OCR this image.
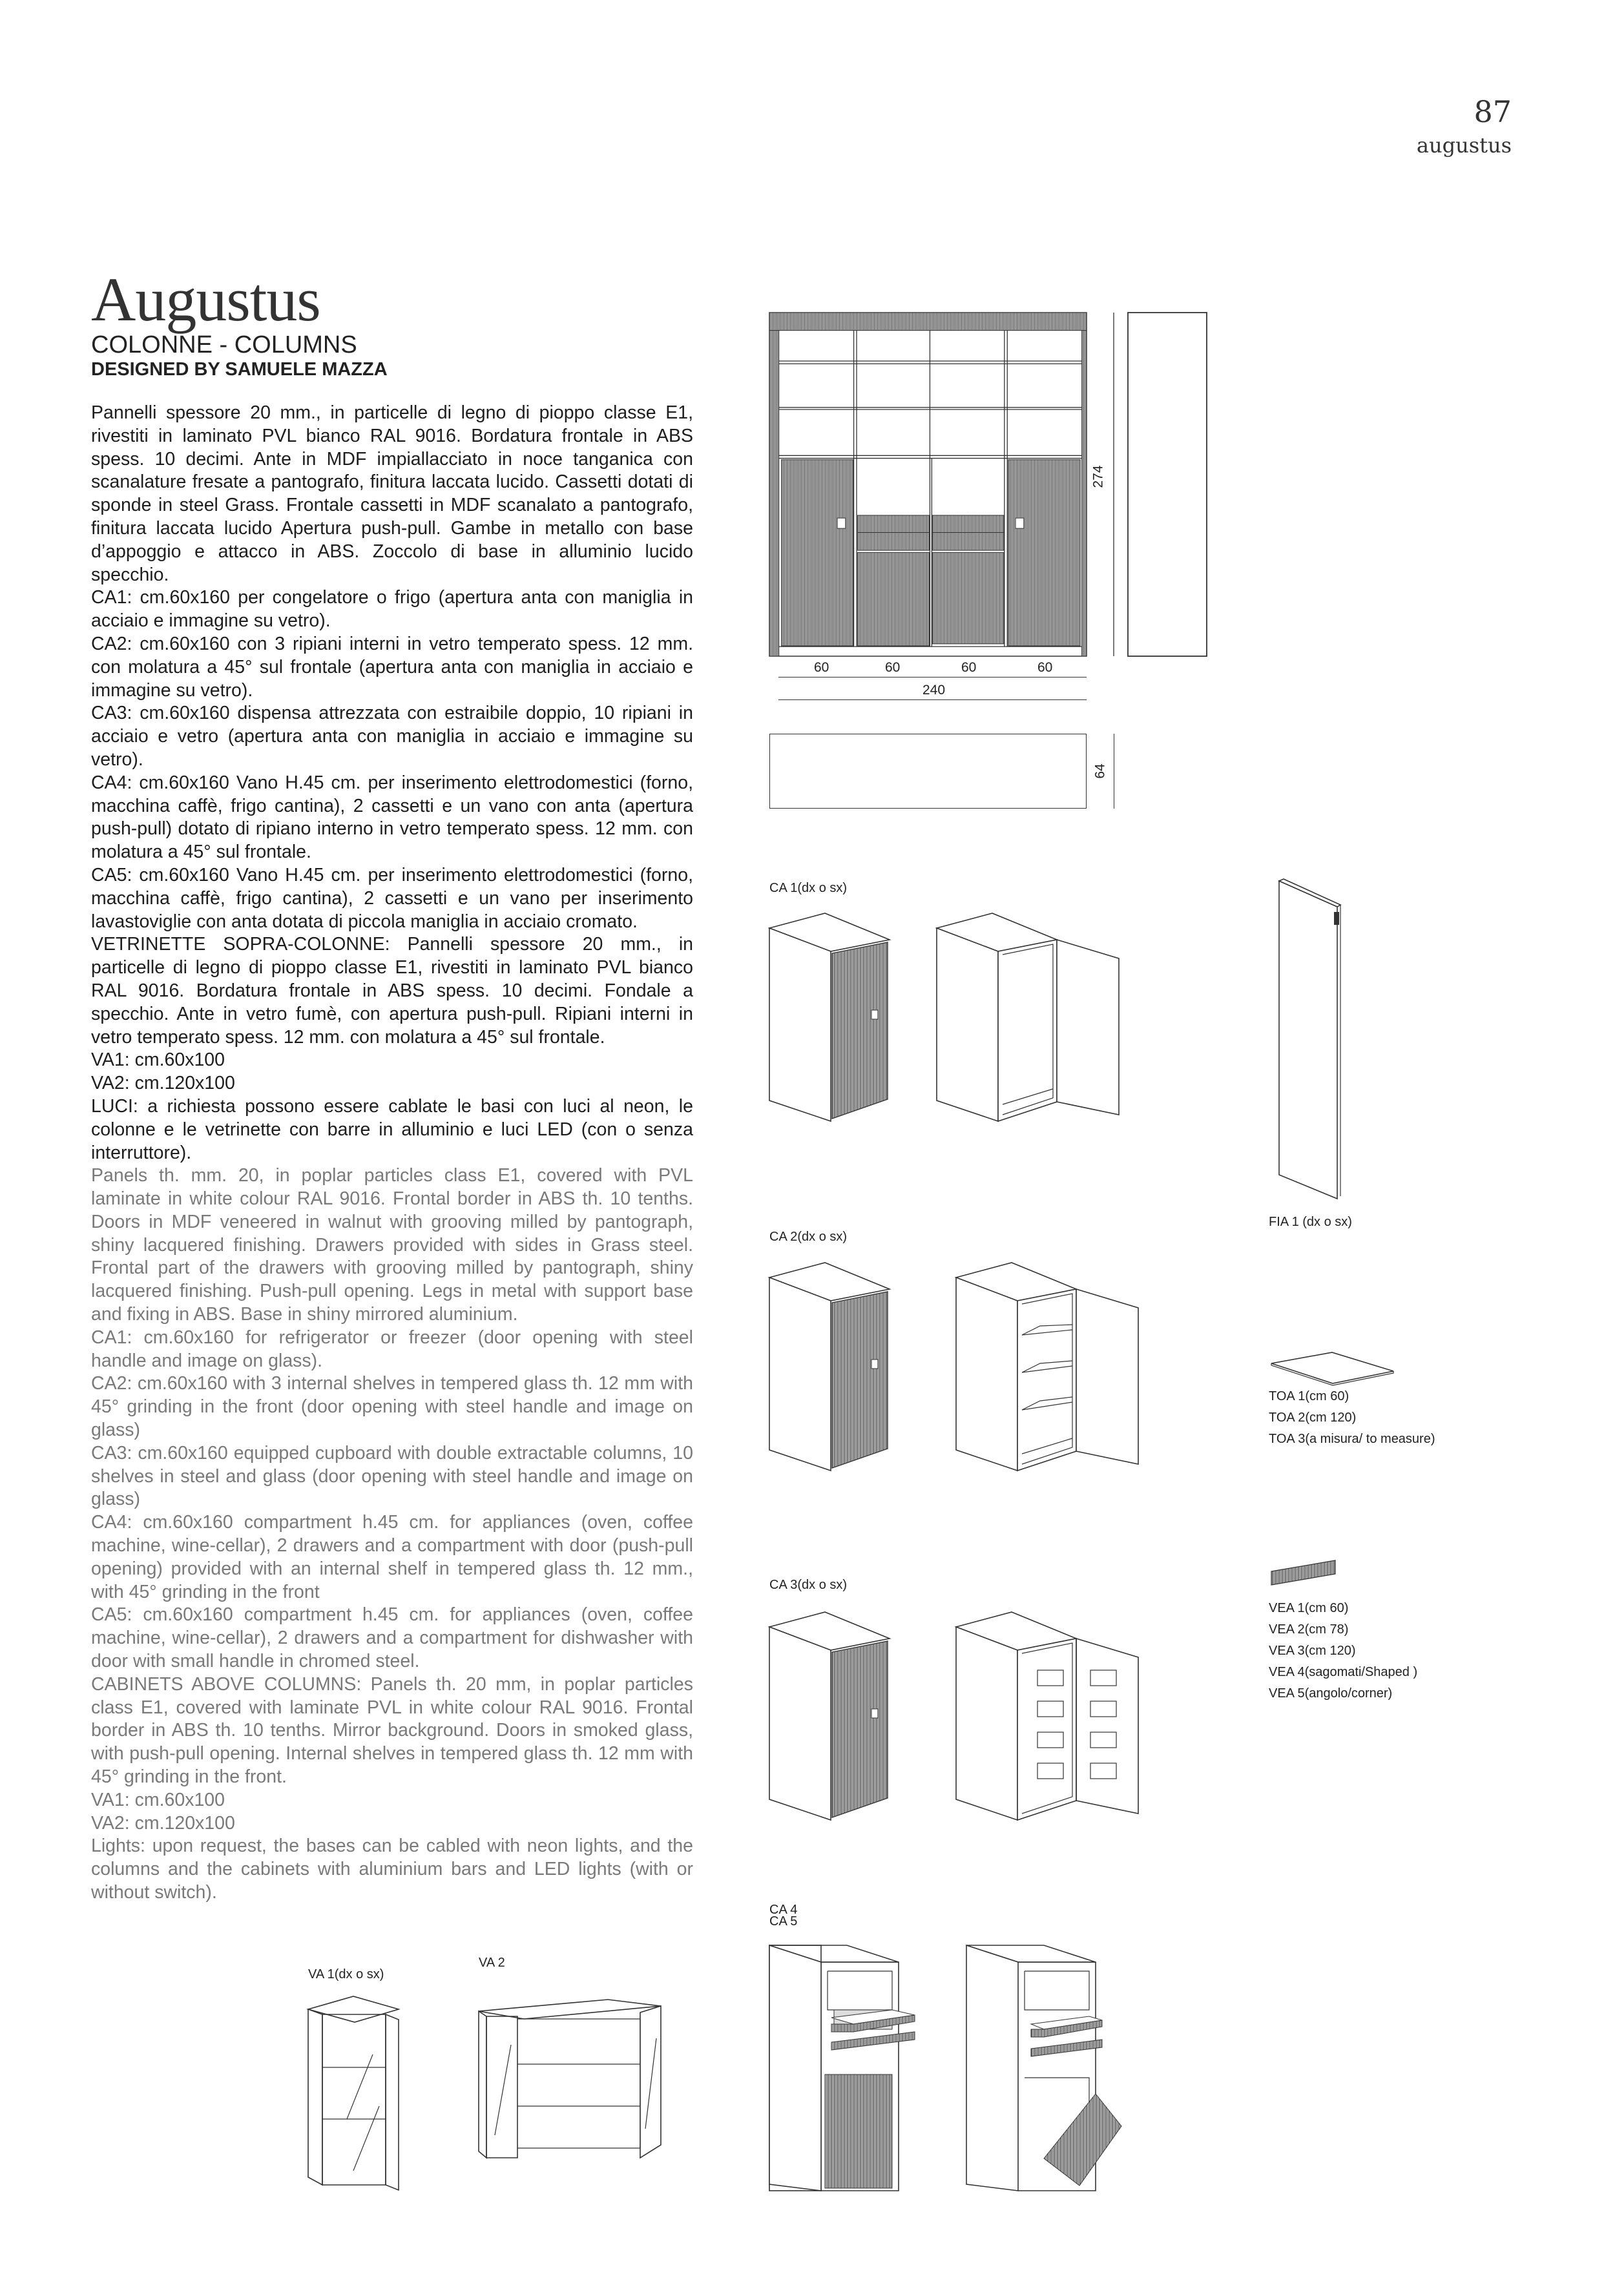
87
augustus
Augustus
COLONNE - COLUMNS
DESIGNED BY SAMUELE MAZZA

Pannelli spessore 20 mm., in particelle di legno di pioppo classe E1, rivestiti in laminato PVL bianco RAL 9016. Bordatura frontale in ABS spess. 10 decimi. Ante in MDF impiallacciato in noce tanganica con scanalature fresate a pantografo, finitura laccata lucido. Cassetti dotati di sponde in steel Grass. Frontale cassetti in MDF scanalato a pantografo, finitura laccata lucido Apertura push-pull. Gambe in metallo con base d’appoggio e attacco in ABS. Zoccolo di base in alluminio lucido specchio.

CA1: cm.60x160 per congelatore o frigo (apertura anta con maniglia in acciaio e immagine su vetro).

CA2: cm.60x160 con 3 ripiani interni in vetro temperato spess. 12 mm. con molatura a 45° sul frontale (apertura anta con maniglia in acciaio e immagine su vetro).

CA3: cm.60x160 dispensa attrezzata con estraibile doppio, 10 ripiani in acciaio e vetro (apertura anta con maniglia in acciaio e immagine su vetro).

CA4: cm.60x160 Vano H.45 cm. per inserimento elettrodomestici (forno, macchina caffè, frigo cantina), 2 cassetti e un vano con anta (apertura push-pull) dotato di ripiano interno in vetro temperato spess. 12 mm. con molatura a 45° sul frontale.

CA5: cm.60x160 Vano H.45 cm. per inserimento elettrodomestici (forno, macchina caffè, frigo cantina), 2 cassetti e un vano per inserimento lavastoviglie con anta dotata di piccola maniglia in acciaio cromato.

VETRINETTE SOPRA-COLONNE: Pannelli spessore 20 mm., in particelle di legno di pioppo classe E1, rivestiti in laminato PVL bianco RAL 9016. Bordatura frontale in ABS spess. 10 decimi. Fondale a specchio. Ante in vetro fumè, con apertura push-pull. Ripiani interni in vetro temperato spess. 12 mm. con molatura a 45° sul frontale.

VA1: cm.60x100

VA2: cm.120x100

LUCI: a richiesta possono essere cablate le basi con luci al neon, le colonne e le vetrinette con barre in alluminio e luci LED (con o senza interruttore).

Panels th. mm. 20, in poplar particles class E1, covered with PVL laminate in white colour RAL 9016. Frontal border in ABS th. 10 tenths. Doors in MDF veneered in walnut with grooving milled by pantograph, shiny lacquered finishing. Drawers provided with sides in Grass steel. Frontal part of the drawers with grooving milled by pantograph, shiny lacquered finishing. Push-pull opening. Legs in metal with support base and fixing in ABS. Base in shiny mirrored aluminium.

CA1: cm.60x160 for refrigerator or freezer (door opening with steel handle and image on glass).

CA2: cm.60x160 with 3 internal shelves in tempered glass th. 12 mm with 45° grinding in the front (door opening with steel handle and image on glass)

CA3: cm.60x160 equipped cupboard with double extractable columns, 10 shelves in steel and glass (door opening with steel handle and image on glass)

CA4: cm.60x160 compartment h.45 cm. for appliances (oven, coffee machine, wine-cellar), 2 drawers and a compartment with door (push-pull opening) provided with an internal shelf in tempered glass th. 12 mm., with 45° grinding in the front

CA5: cm.60x160 compartment h.45 cm. for appliances (oven, coffee machine, wine-cellar), 2 drawers and a compartment for dishwasher with door with small handle in chromed steel.

CABINETS ABOVE COLUMNS: Panels th. 20 mm, in poplar particles class E1, covered with laminate PVL in white colour RAL 9016. Frontal border in ABS th. 10 tenths. Mirror background. Doors in smoked glass, with push-pull opening. Internal shelves in tempered glass th. 12 mm with 45° grinding in the front.

VA1: cm.60x100

VA2: cm.120x100

Lights: upon request, the bases can be cabled with neon lights, and the columns and the cabinets with aluminium bars and LED lights (with or without switch).

274
60	60	60	60
240
64
CA 1(dx o sx)
FIA 1 (dx o sx)
CA 2(dx o sx)
TOA 1(cm 60)
TOA 2(cm 120)
TOA 3(a misura/ to measure)
CA 3(dx o sx)
VEA 1(cm 60)
VEA 2(cm 78)
VEA 3(cm 120)
VEA 4(sagomati/Shaped )
VEA 5(angolo/corner)
CA 4
CA 5
VA 1(dx o sx)
VA 2
